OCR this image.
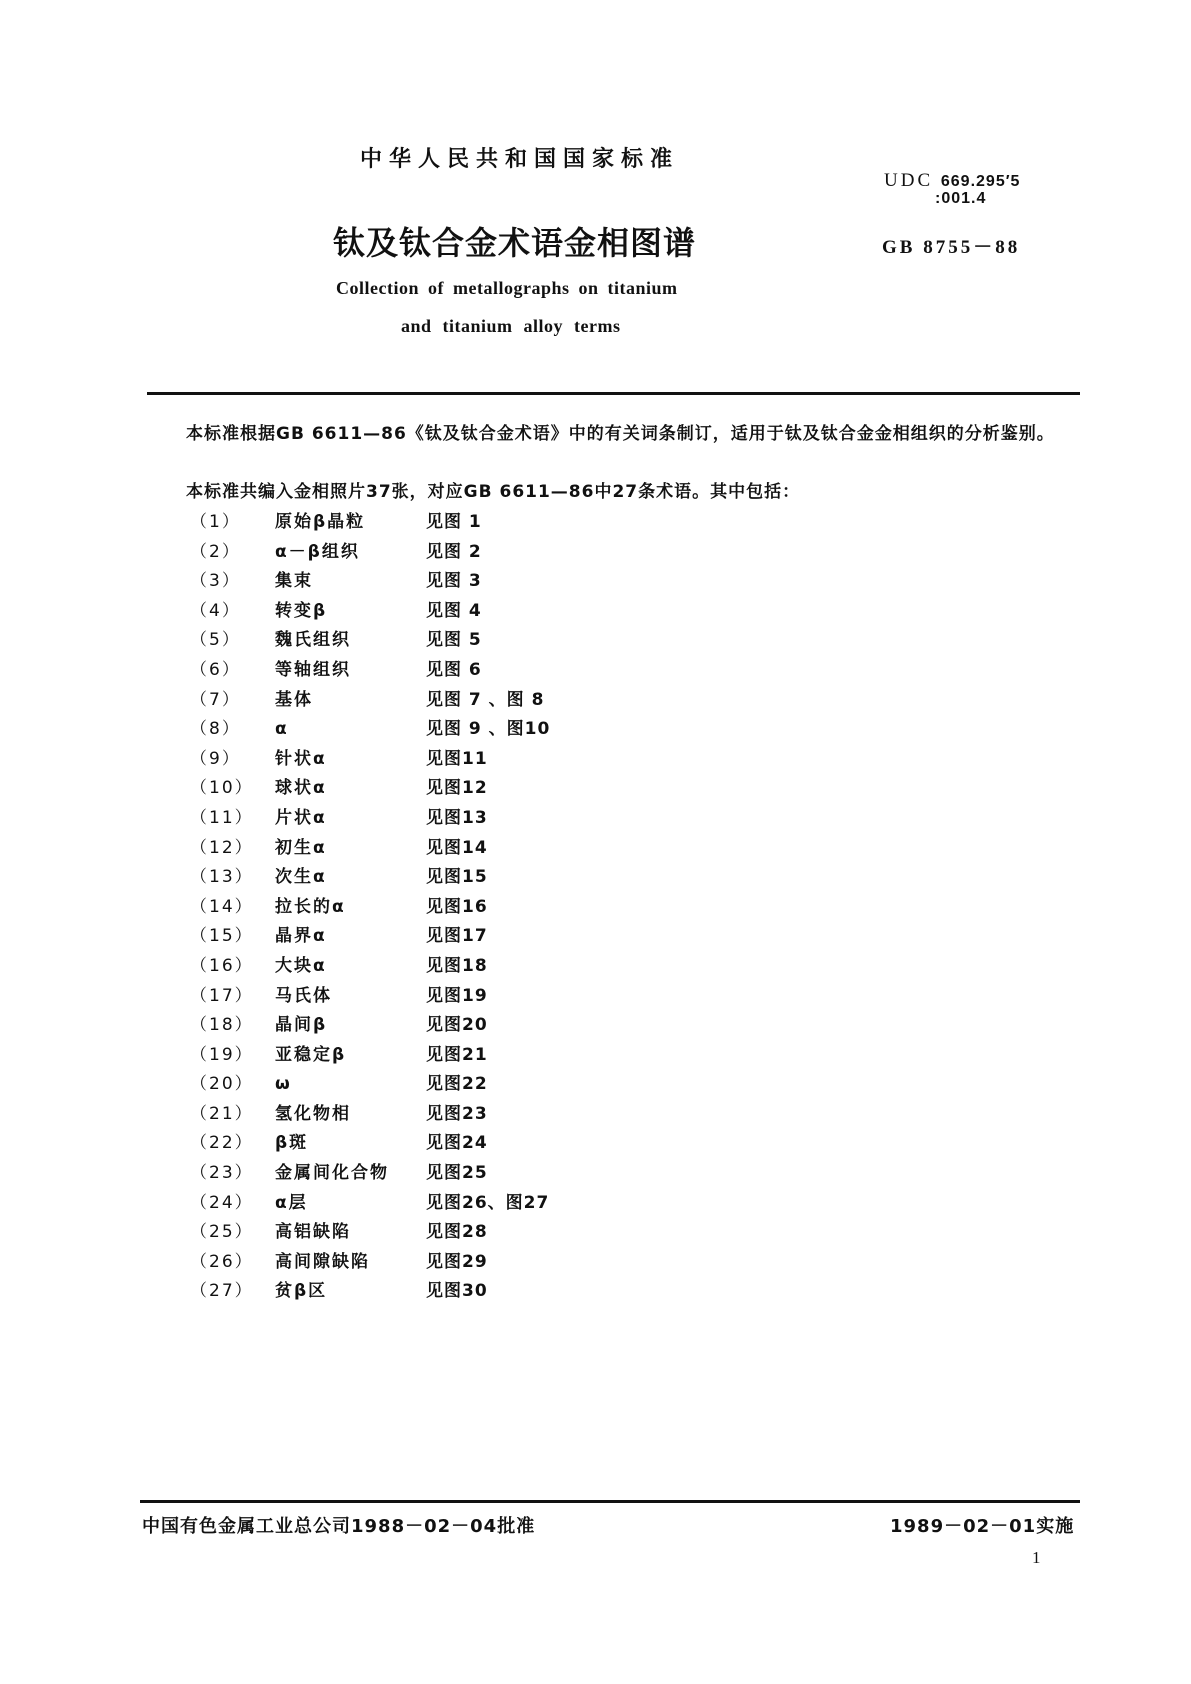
中华人民共和国国家标准
UDC 669.295′5
:001.4
钛及钛合金术语金相图谱	GB 8755－88
Collection of metallographs on titanium
and titanium alloy terms
本标准根据GB 6611—86《钛及钛合金术语》中的有关词条制订，适用于钛及钛合金金相组织的分析鉴别。
本标准共编入金相照片37张，对应GB 6611—86中27条术语。其中包括：
（1）	原始β晶粒	见图 1
（2）	α－β组织	见图 2
（3）	集束	见图 3
（4）	转变β	见图 4
（5）	魏氏组织	见图 5
（6）	等轴组织	见图 6
（7）	基体	见图 7 、图 8
（8）	α	见图 9 、图10
（9）	针状α	见图11
（10） 球状α	见图12
（11） 片状α	见图13
（12） 初生α	见图14
（13） 次生α	见图15
（14） 拉长的α	见图16
（15） 晶界α	见图17
（16） 大块α	见图18
（17） 马氏体	见图19
（18） 晶间β	见图20
（19） 亚稳定β	见图21
（20） ω	见图22
（21） 氢化物相	见图23
（22） β斑	见图24
（23） 金属间化合物 见图25
（24） α层	见图26、图27
（25） 高铝缺陷	见图28
（26） 高间隙缺陷	见图29
（27） 贫β区	见图30
中国有色金属工业总公司1988－02－04批准	1989－02－01实施
1
